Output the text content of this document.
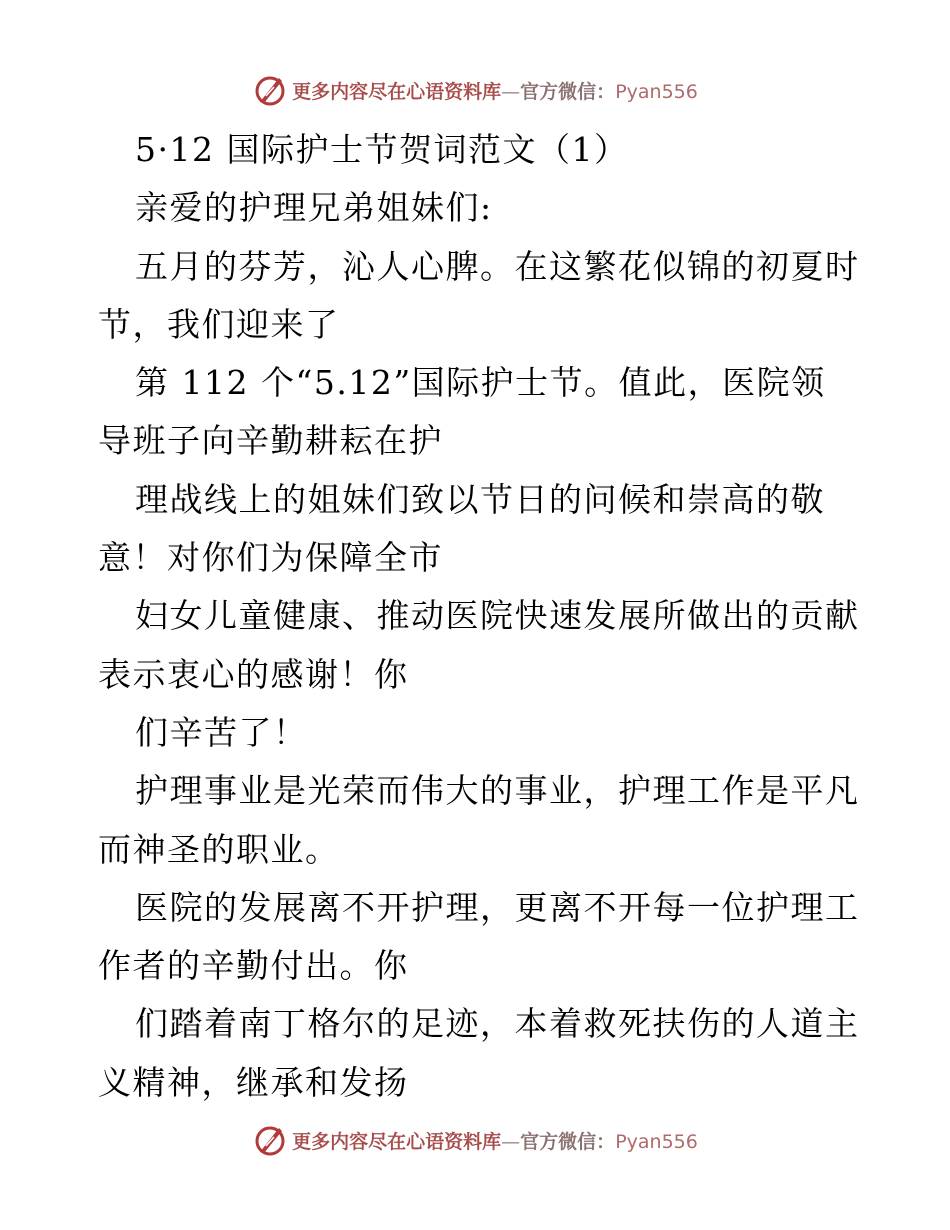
更多内容尽在心语资料库—官方微信：Pyan556
5·12 国际护士节贺词范文（1）
亲爱的护理兄弟姐妹们:
五月的芬芳，沁人心脾。在这繁花似锦的初夏时
节，我们迎来了
第 112 个“5.12”国际护士节。值此，医院领
导班子向辛勤耕耘在护
理战线上的姐妹们致以节日的问候和崇高的敬
意！对你们为保障全市
妇女儿童健康、推动医院快速发展所做出的贡献
表示衷心的感谢！你
们辛苦了！
护理事业是光荣而伟大的事业，护理工作是平凡
而神圣的职业。
医院的发展离不开护理，更离不开每一位护理工
作者的辛勤付出。你
们踏着南丁格尔的足迹，本着救死扶伤的人道主
义精神，继承和发扬
更多内容尽在心语资料库—官方微信：Pyan556
